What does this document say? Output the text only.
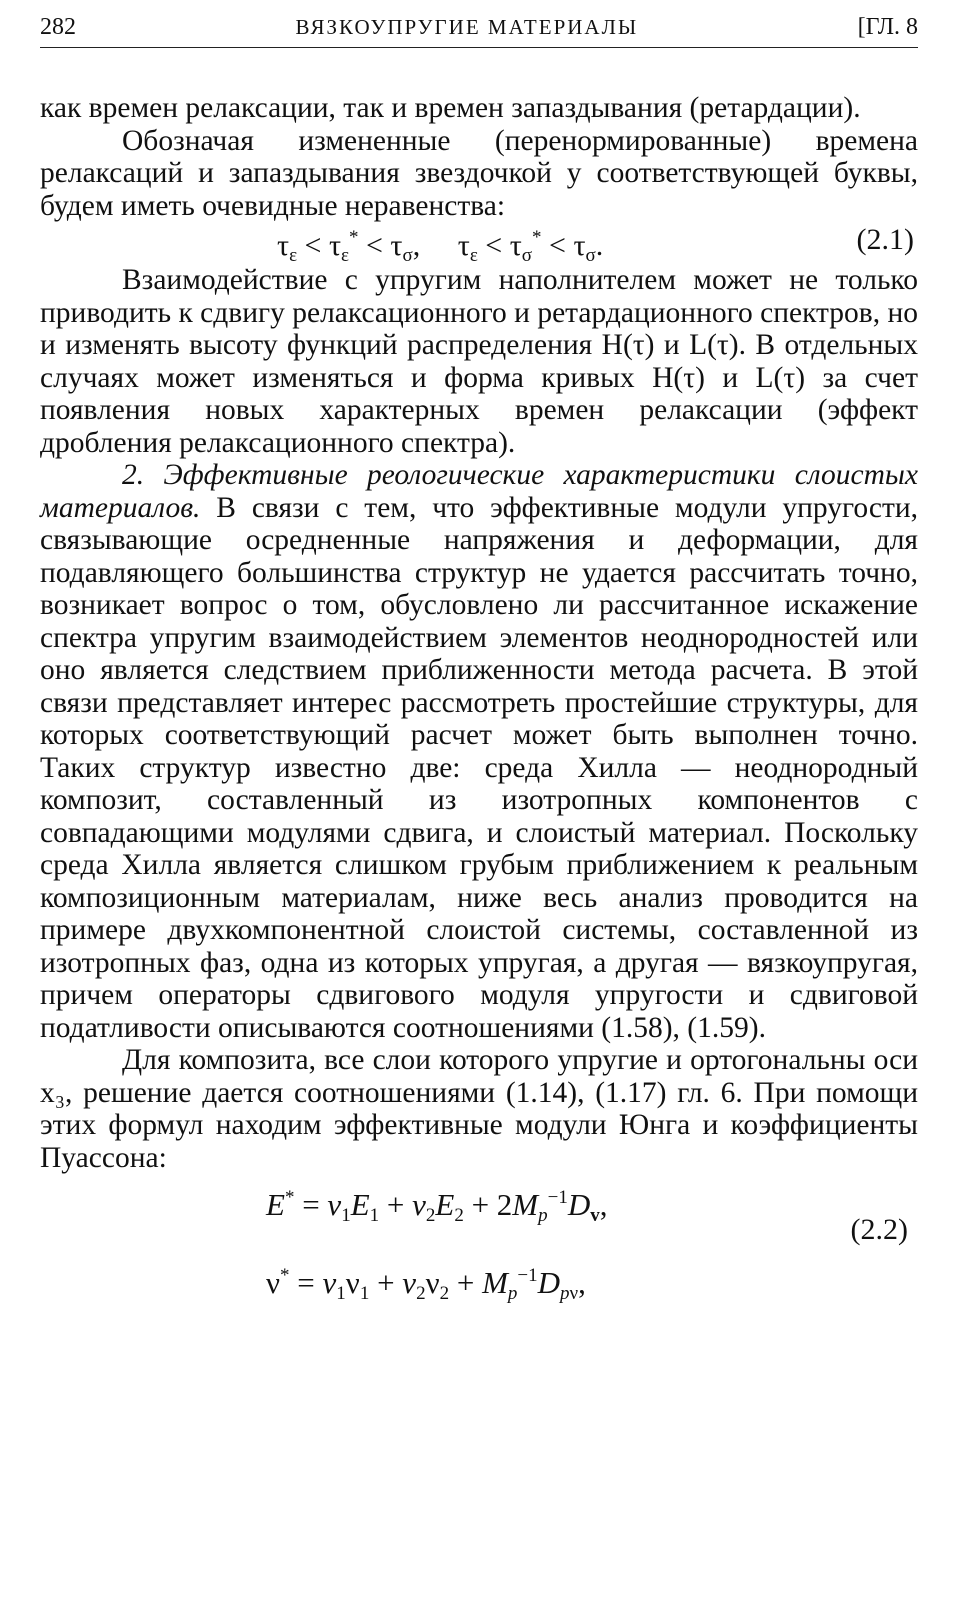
282	ВЯЗКОУПРУГИЕ МАТЕРИАЛЫ	[ГЛ. 8

как времен релаксации, так и времен запаздывания (ретардации).

Обозначая измененные (перенормированные) времена релаксаций и запаздывания звездочкой у соответствующей буквы, будем иметь очевидные неравенства:

$\tau_\varepsilon < \tau_\varepsilon^* < \tau_\sigma$,     $\tau_\varepsilon < \tau_\sigma^* < \tau_\sigma$.	(2.1)

Взаимодействие с упругим наполнителем может не только приводить к сдвигу релаксационного и ретардационного спектров, но и изменять высоту функций распределения H(τ) и L(τ). В отдельных случаях может изменяться и форма кривых H(τ) и L(τ) за счет появления новых характерных времен релаксации (эффект дробления релаксационного спектра).

2. Эффективные реологические характеристики слоистых материалов. В связи с тем, что эффективные модули упругости, связывающие осредненные напряжения и деформации, для подавляющего большинства структур не удается рассчитать точно, возникает вопрос о том, обусловлено ли рассчитанное искажение спектра упругим взаимодействием элементов неоднородностей или оно является следствием приближенности метода расчета. В этой связи представляет интерес рассмотреть простейшие структуры, для которых соответствующий расчет может быть выполнен точно. Таких структур известно две: среда Хилла — неоднородный композит, составленный из изотропных компонентов с совпадающими модулями сдвига, и слоистый материал. Поскольку среда Хилла является слишком грубым приближением к реальным композиционным материалам, ниже весь анализ проводится на примере двухкомпонентной слоистой системы, составленной из изотропных фаз, одна из которых упругая, а другая — вязкоупругая, причем операторы сдвигового модуля упругости и сдвиговой податливости описываются соотношениями (1.58), (1.59).

Для композита, все слои которого упругие и ортогональны оси x₃, решение дается соотношениями (1.14), (1.17) гл. 6. При помощи этих формул находим эффективные модули Юнга и коэффициенты Пуассона:

$E^* = v_1E_1 + v_2E_2 + 2M_p^{-1}D_v$,
(2.2)
$\nu^* = v_1\nu_1 + v_2\nu_2 + M_p^{-1}D_{p\nu}$,
